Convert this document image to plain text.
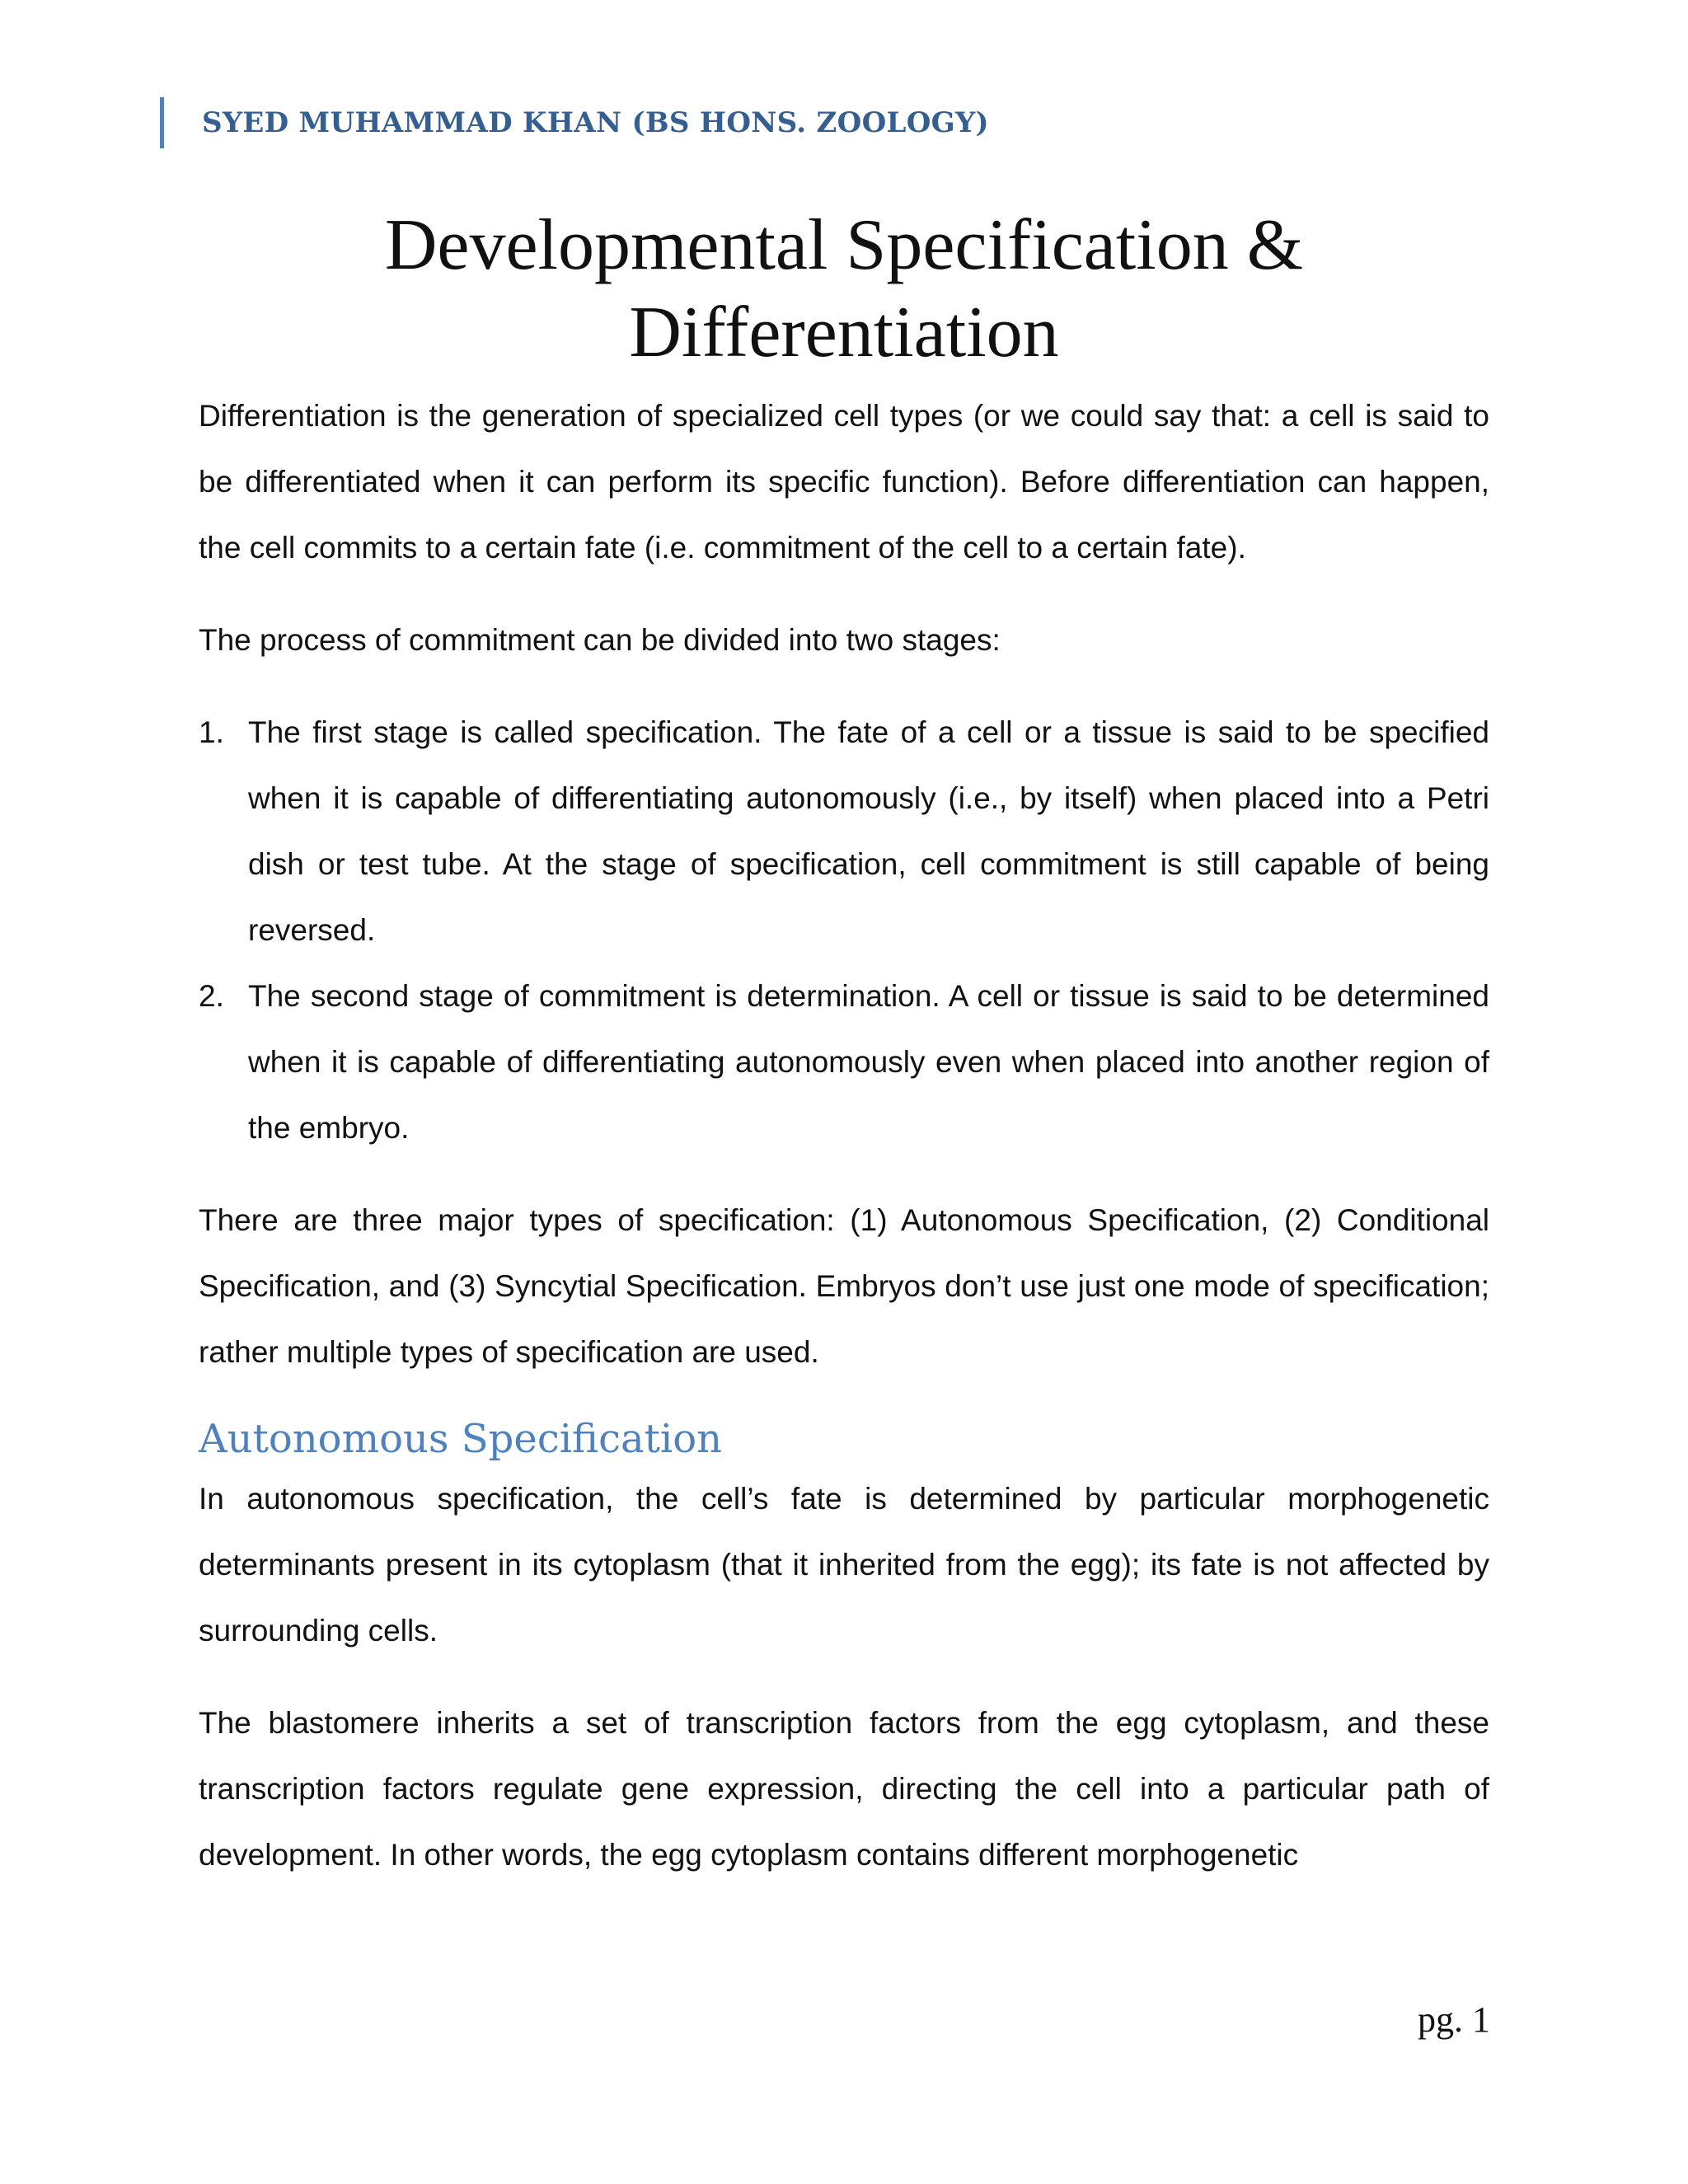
SYED MUHAMMAD KHAN (BS HONS. ZOOLOGY)
Developmental Specification &
Differentiation

Differentiation is the generation of specialized cell types (or we could say that: a cell is said to be differentiated when it can perform its specific function). Before differentiation can happen, the cell commits to a certain fate (i.e. commitment of the cell to a certain fate).

The process of commitment can be divided into two stages:

1. The first stage is called specification. The fate of a cell or a tissue is said to be specified when it is capable of differentiating autonomously (i.e., by itself) when placed into a Petri dish or test tube. At the stage of specification, cell commitment is still capable of being reversed.
2. The second stage of commitment is determination. A cell or tissue is said to be determined when it is capable of differentiating autonomously even when placed into another region of the embryo.

There are three major types of specification: (1) Autonomous Specification, (2) Conditional Specification, and (3) Syncytial Specification. Embryos don’t use just one mode of specification; rather multiple types of specification are used.

Autonomous Specification

In autonomous specification, the cell’s fate is determined by particular morphogenetic determinants present in its cytoplasm (that it inherited from the egg); its fate is not affected by surrounding cells.

The blastomere inherits a set of transcription factors from the egg cytoplasm, and these transcription factors regulate gene expression, directing the cell into a particular path of development. In other words, the egg cytoplasm contains different morphogenetic

pg. 1
